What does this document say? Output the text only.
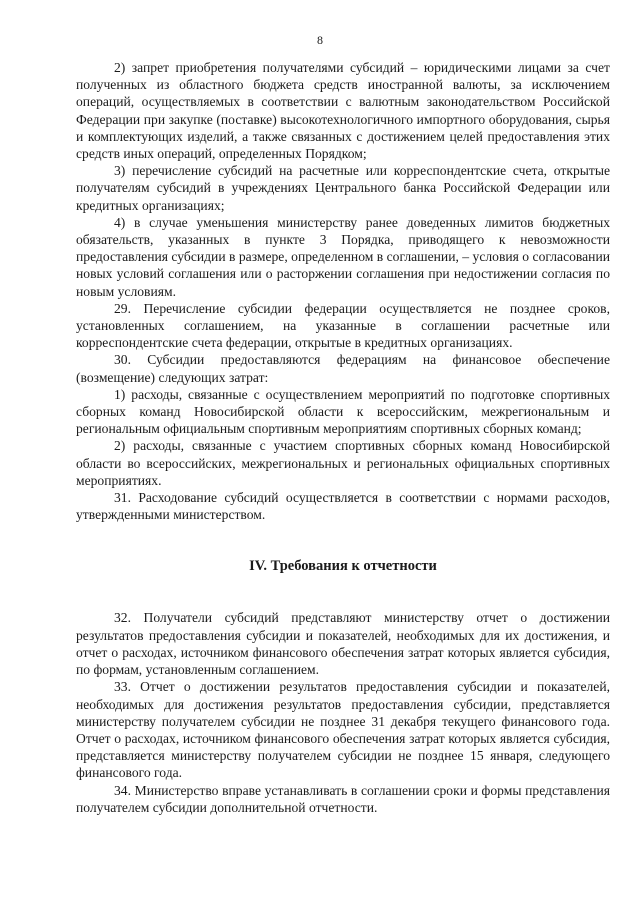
8

2) запрет приобретения получателями субсидий – юридическими лицами за счет полученных из областного бюджета средств иностранной валюты, за исключением операций, осуществляемых в соответствии с валютным законодательством Российской Федерации при закупке (поставке) высокотехнологичного импортного оборудования, сырья и комплектующих изделий, а также связанных с достижением целей предоставления этих средств иных операций, определенных Порядком;

3) перечисление субсидий на расчетные или корреспондентские счета, открытые получателям субсидий в учреждениях Центрального банка Российской Федерации или кредитных организациях;

4) в случае уменьшения министерству ранее доведенных лимитов бюджетных обязательств, указанных в пункте 3 Порядка, приводящего к невозможности предоставления субсидии в размере, определенном в соглашении, – условия о согласовании новых условий соглашения или о расторжении соглашения при недостижении согласия по новым условиям.

29. Перечисление субсидии федерации осуществляется не позднее сроков, установленных соглашением, на указанные в соглашении расчетные или корреспондентские счета федерации, открытые в кредитных организациях.

30. Субсидии предоставляются федерациям на финансовое обеспечение (возмещение) следующих затрат:

1) расходы, связанные с осуществлением мероприятий по подготовке спортивных сборных команд Новосибирской области к всероссийским, межрегиональным и региональным официальным спортивным мероприятиям спортивных сборных команд;

2) расходы, связанные с участием спортивных сборных команд Новосибирской области во всероссийских, межрегиональных и региональных официальных спортивных мероприятиях.

31. Расходование субсидий осуществляется в соответствии с нормами расходов, утвержденными министерством.

IV. Требования к отчетности

32. Получатели субсидий представляют министерству отчет о достижении результатов предоставления субсидии и показателей, необходимых для их достижения, и отчет о расходах, источником финансового обеспечения затрат которых является субсидия, по формам, установленным соглашением.

33. Отчет о достижении результатов предоставления субсидии и показателей, необходимых для достижения результатов предоставления субсидии, представляется министерству получателем субсидии не позднее 31 декабря текущего финансового года. Отчет о расходах, источником финансового обеспечения затрат которых является субсидия, представляется министерству получателем субсидии не позднее 15 января, следующего финансового года.

34. Министерство вправе устанавливать в соглашении сроки и формы представления получателем субсидии дополнительной отчетности.
